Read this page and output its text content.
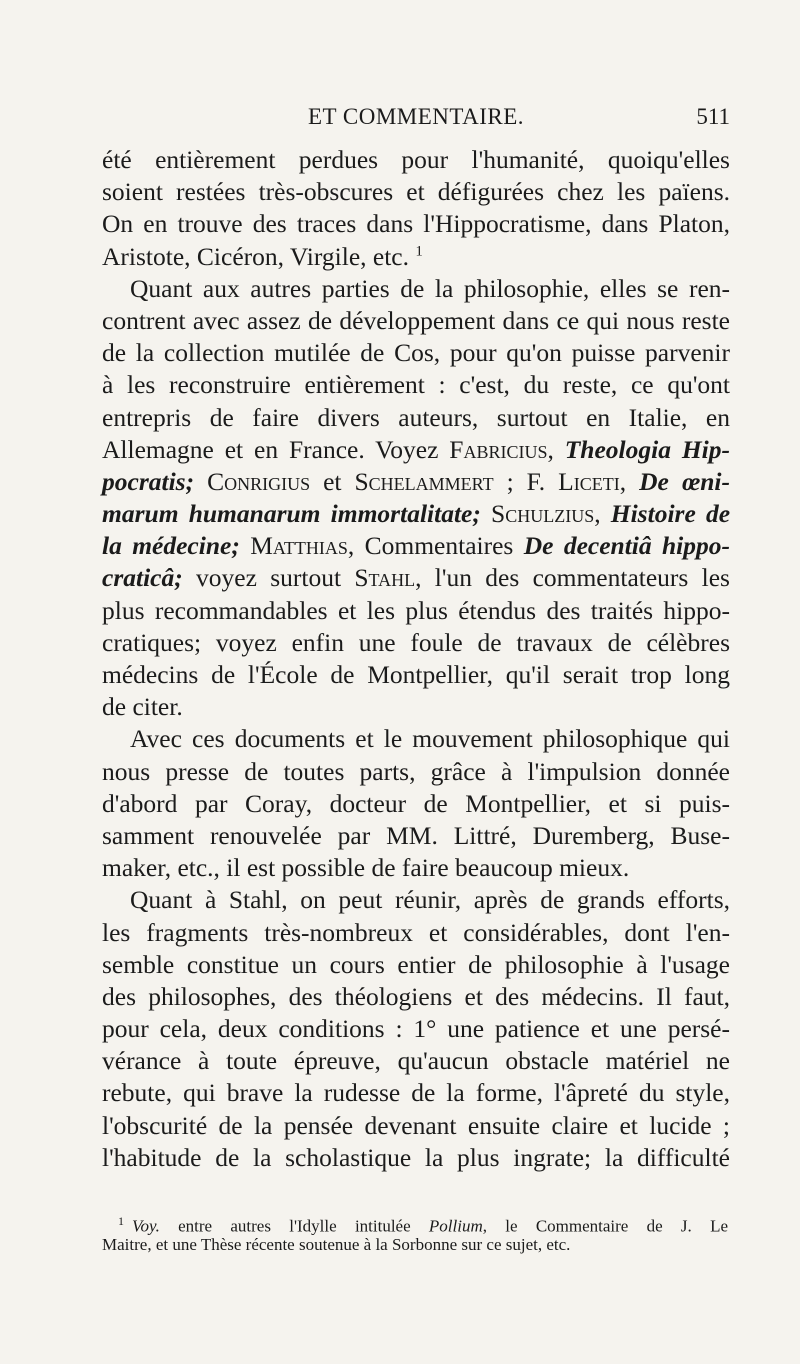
ET COMMENTAIRE.	511
été entièrement perdues pour l'humanité, quoiqu'elles
soient restées très-obscures et défigurées chez les païens.
On en trouve des traces dans l'Hippocratisme, dans Platon,
Aristote, Cicéron, Virgile, etc. $^1$
Quant aux autres parties de la philosophie, elles se ren-
contrent avec assez de développement dans ce qui nous reste
de la collection mutilée de Cos, pour qu'on puisse parvenir
à les reconstruire entièrement : c'est, du reste, ce qu'ont
entrepris de faire divers auteurs, surtout en Italie, en
Allemagne et en France. Voyez Fabricius, Theologia Hip-
pocratis; Conrigius et Schelammert ; F. Liceti, De œni-
marum humanarum immortalitate; Schulzius, Histoire de
la médecine; Matthias, Commentaires De decentiâ hippo-
craticâ; voyez surtout Stahl, l'un des commentateurs les
plus recommandables et les plus étendus des traités hippo-
cratiques; voyez enfin une foule de travaux de célèbres
médecins de l'École de Montpellier, qu'il serait trop long
de citer.
Avec ces documents et le mouvement philosophique qui
nous presse de toutes parts, grâce à l'impulsion donnée
d'abord par Coray, docteur de Montpellier, et si puis-
samment renouvelée par MM. Littré, Duremberg, Buse-
maker, etc., il est possible de faire beaucoup mieux.
Quant à Stahl, on peut réunir, après de grands efforts,
les fragments très-nombreux et considérables, dont l'en-
semble constitue un cours entier de philosophie à l'usage
des philosophes, des théologiens et des médecins. Il faut,
pour cela, deux conditions : 1° une patience et une persé-
vérance à toute épreuve, qu'aucun obstacle matériel ne
rebute, qui brave la rudesse de la forme, l'âpreté du style,
l'obscurité de la pensée devenant ensuite claire et lucide ;
l'habitude de la scholastique la plus ingrate; la difficulté
$^1$ Voy. entre autres l'Idylle intitulée Pollium, le Commentaire de J. Le
Maitre, et une Thèse récente soutenue à la Sorbonne sur ce sujet, etc.
